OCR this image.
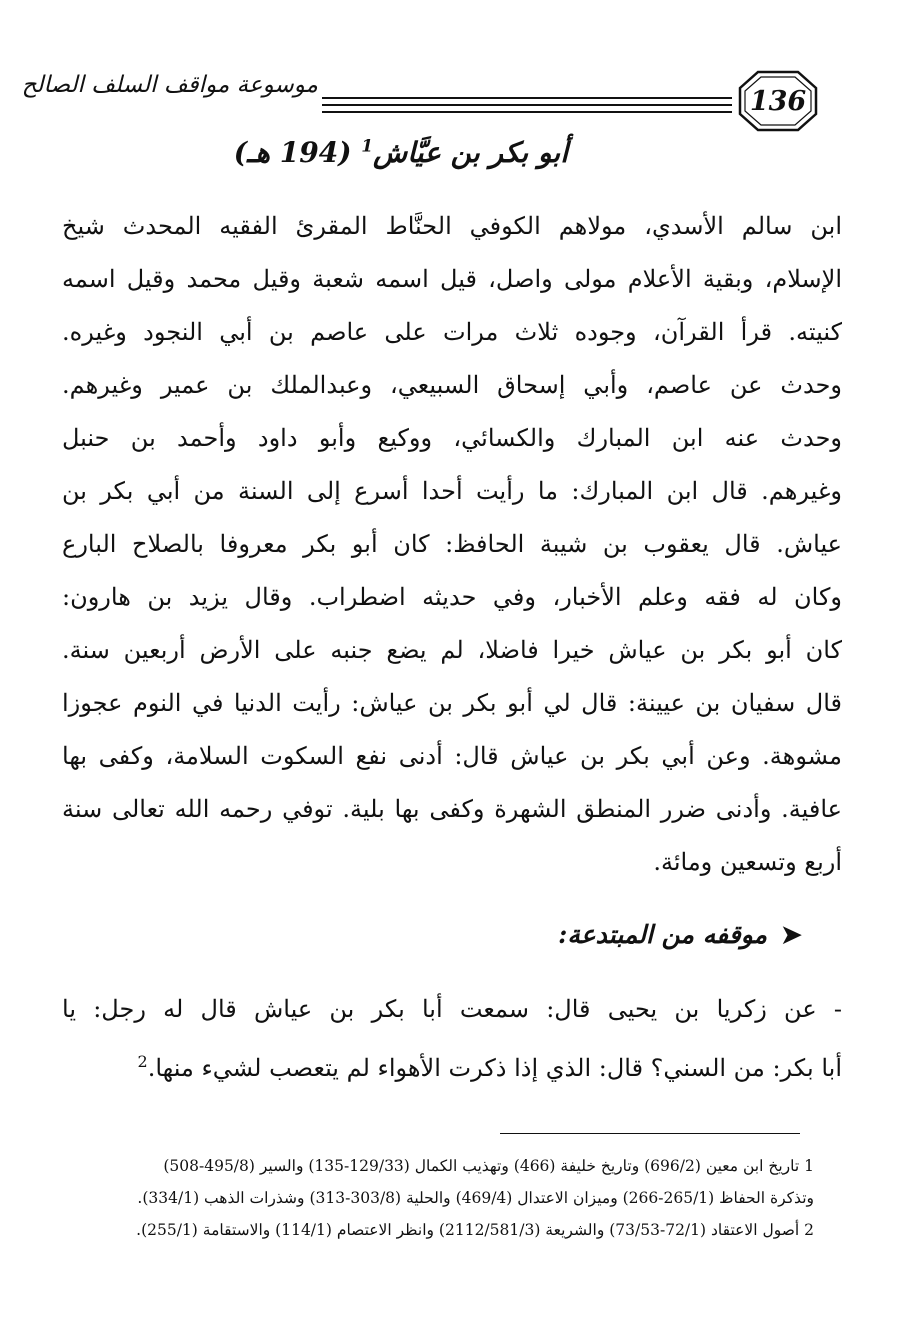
موسوعة مواقف السلف الصالح
136
أبو بكر بن عيَّاش$^1$ (194 هـ)
ابن سالم الأسدي، مولاهم الكوفي الحنَّاط المقرئ الفقيه المحدث شيخ
الإسلام، وبقية الأعلام مولى واصل، قيل اسمه شعبة وقيل محمد وقيل اسمه
كنيته. قرأ القرآن، وجوده ثلاث مرات على عاصم بن أبي النجود وغيره.
وحدث عن عاصم، وأبي إسحاق السبيعي، وعبدالملك بن عمير وغيرهم.
وحدث عنه ابن المبارك والكسائي، ووكيع وأبو داود وأحمد بن حنبل
وغيرهم. قال ابن المبارك: ما رأيت أحدا أسرع إلى السنة من أبي بكر بن
عياش. قال يعقوب بن شيبة الحافظ: كان أبو بكر معروفا بالصلاح البارع
وكان له فقه وعلم الأخبار، وفي حديثه اضطراب. وقال يزيد بن هارون:
كان أبو بكر بن عياش خيرا فاضلا، لم يضع جنبه على الأرض أربعين سنة.
قال سفيان بن عيينة: قال لي أبو بكر بن عياش: رأيت الدنيا في النوم عجوزا
مشوهة. وعن أبي بكر بن عياش قال: أدنى نفع السكوت السلامة، وكفى بها
عافية. وأدنى ضرر المنطق الشهرة وكفى بها بلية. توفي رحمه الله تعالى سنة
أربع وتسعين ومائة.
➤موقفه من المبتدعة:
- عن زكريا بن يحيى قال: سمعت أبا بكر بن عياش قال له رجل: يا
أبا بكر: من السني؟ قال: الذي إذا ذكرت الأهواء لم يتعصب لشيء منها.$^2$
1 تاريخ ابن معين (696/2) وتاريخ خليفة (466) وتهذيب الكمال (129/33-135) والسير (495/8-508)
وتذكرة الحفاظ (265/1-266) وميزان الاعتدال (469/4) والحلية (303/8-313) وشذرات الذهب (334/1).
2 أصول الاعتقاد (72/1-73/53) والشريعة (2112/581/3) وانظر الاعتصام (114/1) والاستقامة (255/1).
